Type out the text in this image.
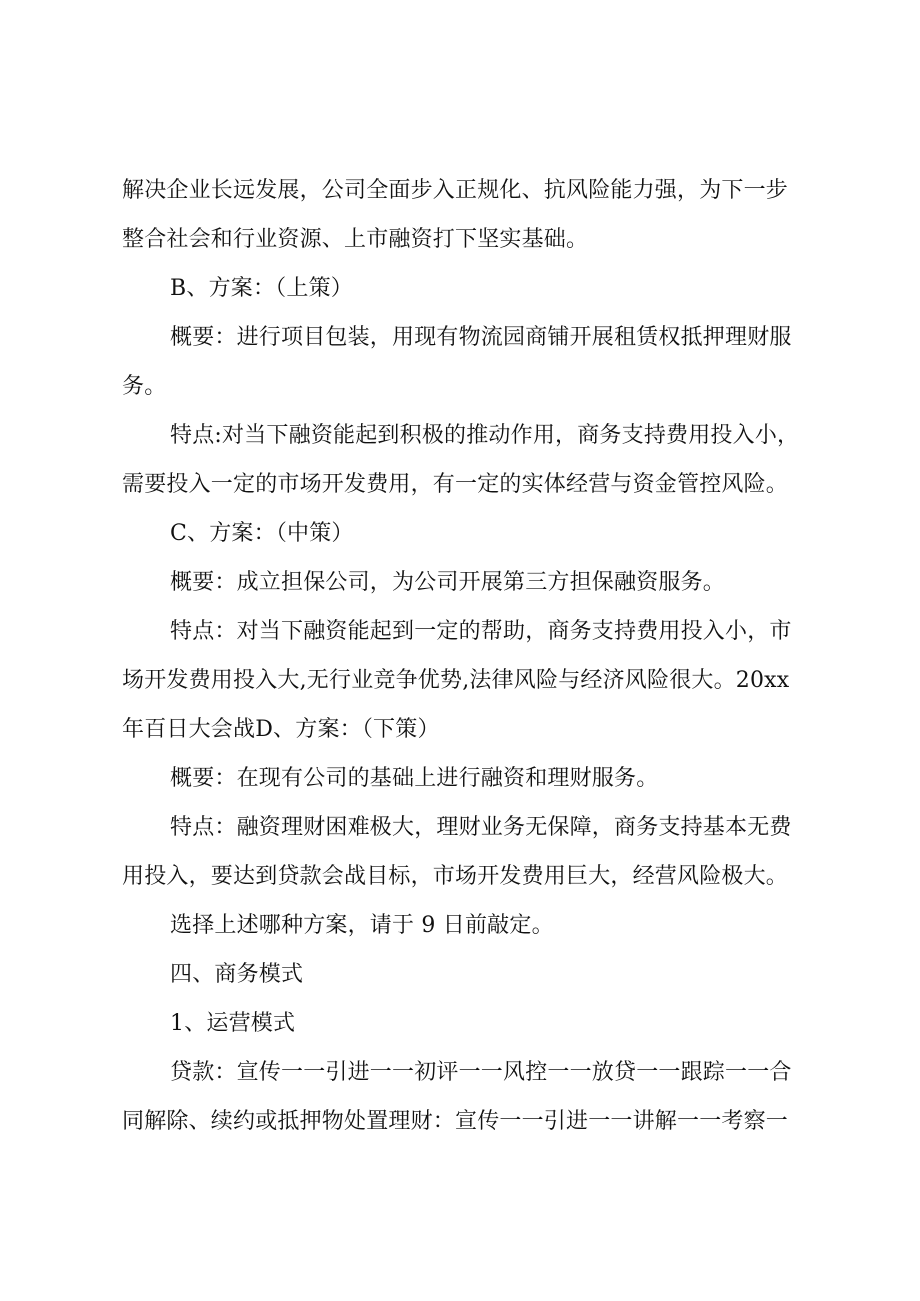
解决企业长远发展，公司全面步入正规化、抗风险能力强，为下一步
整合社会和行业资源、上市融资打下坚实基础。
B、方案：（上策）
概要：进行项目包装，用现有物流园商铺开展租赁权抵押理财服
务。
特点:对当下融资能起到积极的推动作用，商务支持费用投入小，
需要投入一定的市场开发费用，有一定的实体经营与资金管控风险。
C、方案：（中策）
概要：成立担保公司，为公司开展第三方担保融资服务。
特点：对当下融资能起到一定的帮助，商务支持费用投入小，市
场开发费用投入大,无行业竞争优势,法律风险与经济风险很大。20xx
年百日大会战D、方案：（下策）
概要：在现有公司的基础上进行融资和理财服务。
特点：融资理财困难极大，理财业务无保障，商务支持基本无费
用投入，要达到贷款会战目标，市场开发费用巨大，经营风险极大。
选择上述哪种方案，请于 9 日前敲定。
四、商务模式
1、运营模式
贷款：宣传一一引进一一初评一一风控一一放贷一一跟踪一一合
同解除、续约或抵押物处置理财：宣传一一引进一一讲解一一考察一
